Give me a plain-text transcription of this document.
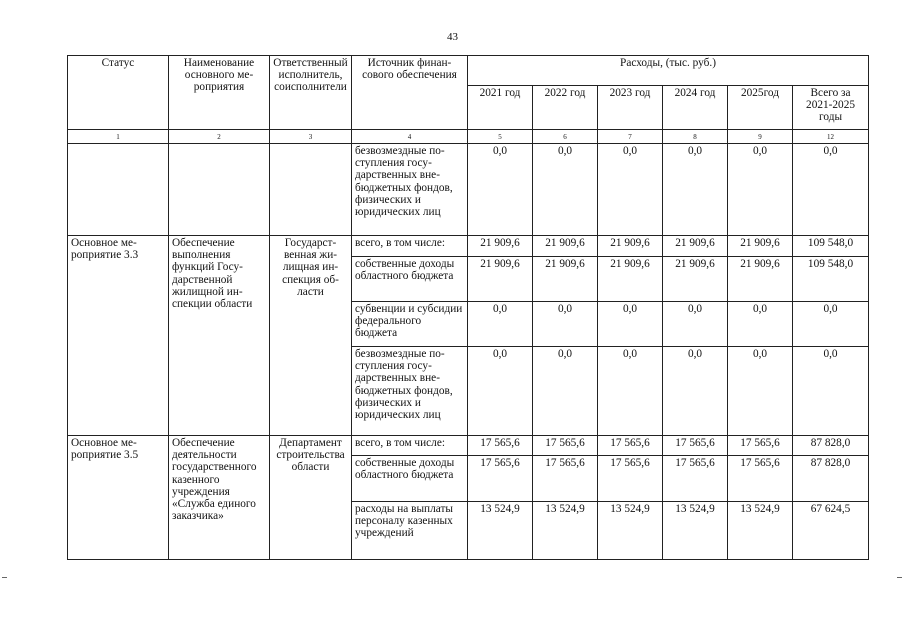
43
Статус	Наименование основного мероприятия	Ответственный исполнитель, соисполнители	Источник финансового обеспечения	Расходы, (тыс. руб.)					
				2021 год	2022 год	2023 год	2024 год	2025год	Всего за 2021-2025 годы
1	2	3	4	5	6	7	8	9	12
			безвозмездные поступления государственных внебюджетных фондов, физических и юридических лиц	0,0	0,0	0,0	0,0	0,0	0,0
Основное мероприятие 3.3	Обеспечение выполнения функций Государственной жилищной инспекции области	Государственная жилищная инспекция области	всего, в том числе:	21 909,6	21 909,6	21 909,6	21 909,6	21 909,6	109 548,0
			собственные доходы областного бюджета	21 909,6	21 909,6	21 909,6	21 909,6	21 909,6	109 548,0
			субвенции и субсидии федерального бюджета	0,0	0,0	0,0	0,0	0,0	0,0
			безвозмездные поступления государственных внебюджетных фондов, физических и юридических лиц	0,0	0,0	0,0	0,0	0,0	0,0
Основное мероприятие 3.5	Обеспечение деятельности государственного казенного учреждения «Служба единого заказчика»	Департамент строительства области	всего, в том числе:	17 565,6	17 565,6	17 565,6	17 565,6	17 565,6	87 828,0
			собственные доходы областного бюджета	17 565,6	17 565,6	17 565,6	17 565,6	17 565,6	87 828,0
			расходы на выплаты персоналу казенных учреждений	13 524,9	13 524,9	13 524,9	13 524,9	13 524,9	67 624,5
